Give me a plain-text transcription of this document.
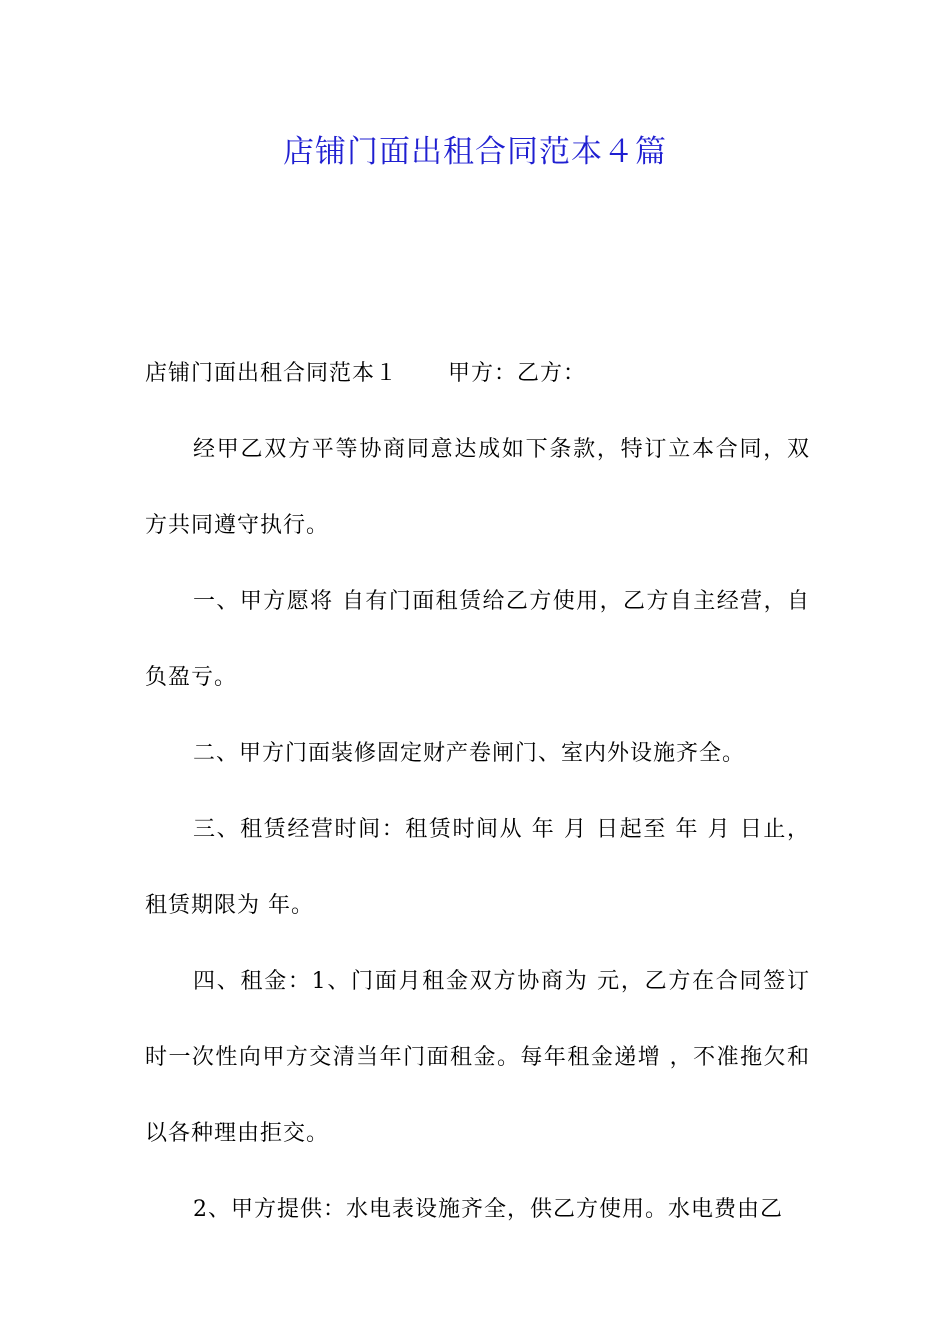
店铺门面出租合同范本４篇

店铺门面出租合同范本１ 甲方：乙方：

经甲乙双方平等协商同意达成如下条款，特订立本合同，双方共同遵守执行。

一、甲方愿将 自有门面租赁给乙方使用，乙方自主经营，自负盈亏。

二、甲方门面装修固定财产卷闸门、室内外设施齐全。

三、租赁经营时间：租赁时间从 年 月 日起至 年 月 日止，租赁期限为 年。

四、租金：1、门面月租金双方协商为 元，乙方在合同签订时一次性向甲方交清当年门面租金。每年租金递增 ，不准拖欠和以各种理由拒交。

2、甲方提供：水电表设施齐全，供乙方使用。水电费由乙
